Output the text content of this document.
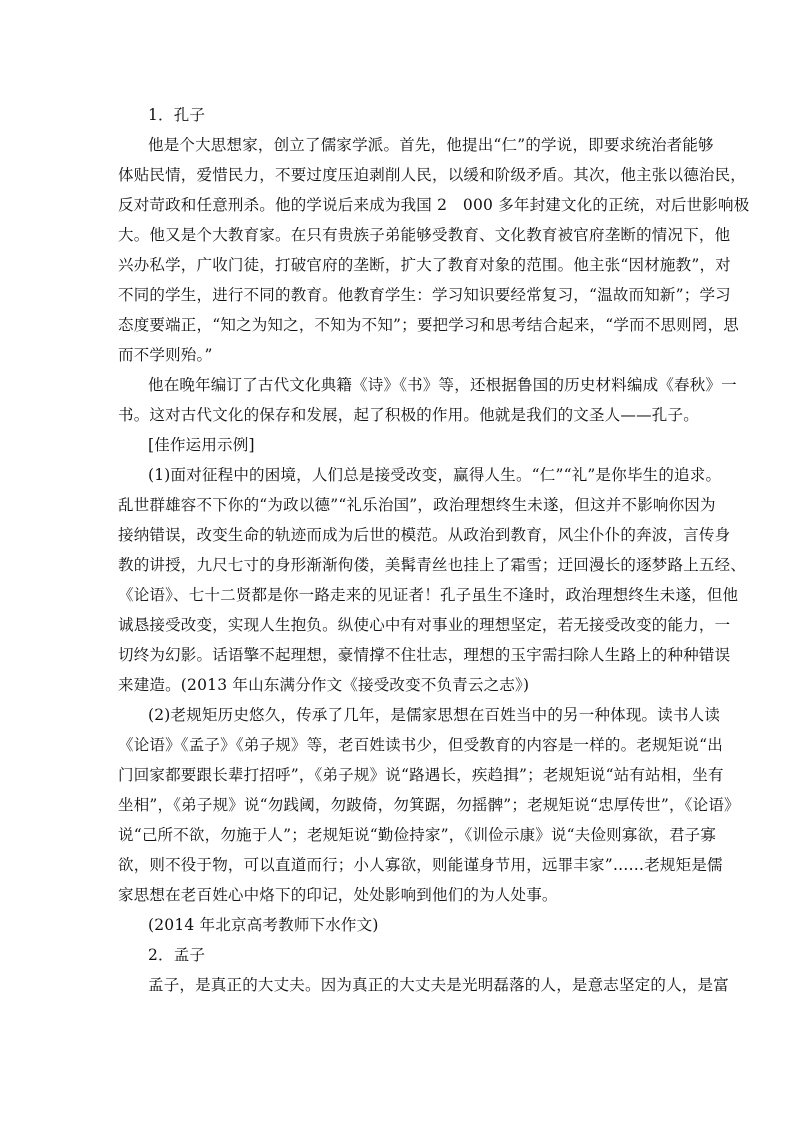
1．孔子
他是个大思想家，创立了儒家学派。首先，他提出“仁”的学说，即要求统治者能够
体贴民情，爱惜民力，不要过度压迫剥削人民，以缓和阶级矛盾。其次，他主张以德治民，
反对苛政和任意刑杀。他的学说后来成为我国 2　000 多年封建文化的正统，对后世影响极
大。他又是个大教育家。在只有贵族子弟能够受教育、文化教育被官府垄断的情况下，他
兴办私学，广收门徒，打破官府的垄断，扩大了教育对象的范围。他主张“因材施教”，对
不同的学生，进行不同的教育。他教育学生：学习知识要经常复习，“温故而知新”；学习
态度要端正，“知之为知之，不知为不知”；要把学习和思考结合起来，“学而不思则罔，思
而不学则殆。”
他在晚年编订了古代文化典籍《诗》《书》等，还根据鲁国的历史材料编成《春秋》一
书。这对古代文化的保存和发展，起了积极的作用。他就是我们的文圣人——孔子。
[佳作运用示例]
(1)面对征程中的困境，人们总是接受改变，赢得人生。“仁”“礼”是你毕生的追求。
乱世群雄容不下你的“为政以德”“礼乐治国”，政治理想终生未遂，但这并不影响你因为
接纳错误，改变生命的轨迹而成为后世的模范。从政治到教育，风尘仆仆的奔波，言传身
教的讲授，九尺七寸的身形渐渐佝偻，美髯青丝也挂上了霜雪；迂回漫长的逐梦路上五经、
《论语》、七十二贤都是你一路走来的见证者！孔子虽生不逢时，政治理想终生未遂，但他
诚恳接受改变，实现人生抱负。纵使心中有对事业的理想坚定，若无接受改变的能力，一
切终为幻影。话语擎不起理想，豪情撑不住壮志，理想的玉宇需扫除人生路上的种种错误
来建造。(2013 年山东满分作文《接受改变不负青云之志》)
(2)老规矩历史悠久，传承了几年，是儒家思想在百姓当中的另一种体现。读书人读
《论语》《孟子》《弟子规》等，老百姓读书少，但受教育的内容是一样的。老规矩说“出
门回家都要跟长辈打招呼”，《弟子规》说“路遇长，疾趋揖”；老规矩说“站有站相，坐有
坐相”，《弟子规》说“勿践阈，勿跛倚，勿箕踞，勿摇髀”；老规矩说“忠厚传世”，《论语》
说“己所不欲，勿施于人”；老规矩说“勤俭持家”，《训俭示康》说“夫俭则寡欲，君子寡
欲，则不役于物，可以直道而行；小人寡欲，则能谨身节用，远罪丰家”……老规矩是儒
家思想在老百姓心中烙下的印记，处处影响到他们的为人处事。
(2014 年北京高考教师下水作文)
2．孟子
孟子，是真正的大丈夫。因为真正的大丈夫是光明磊落的人，是意志坚定的人，是富
